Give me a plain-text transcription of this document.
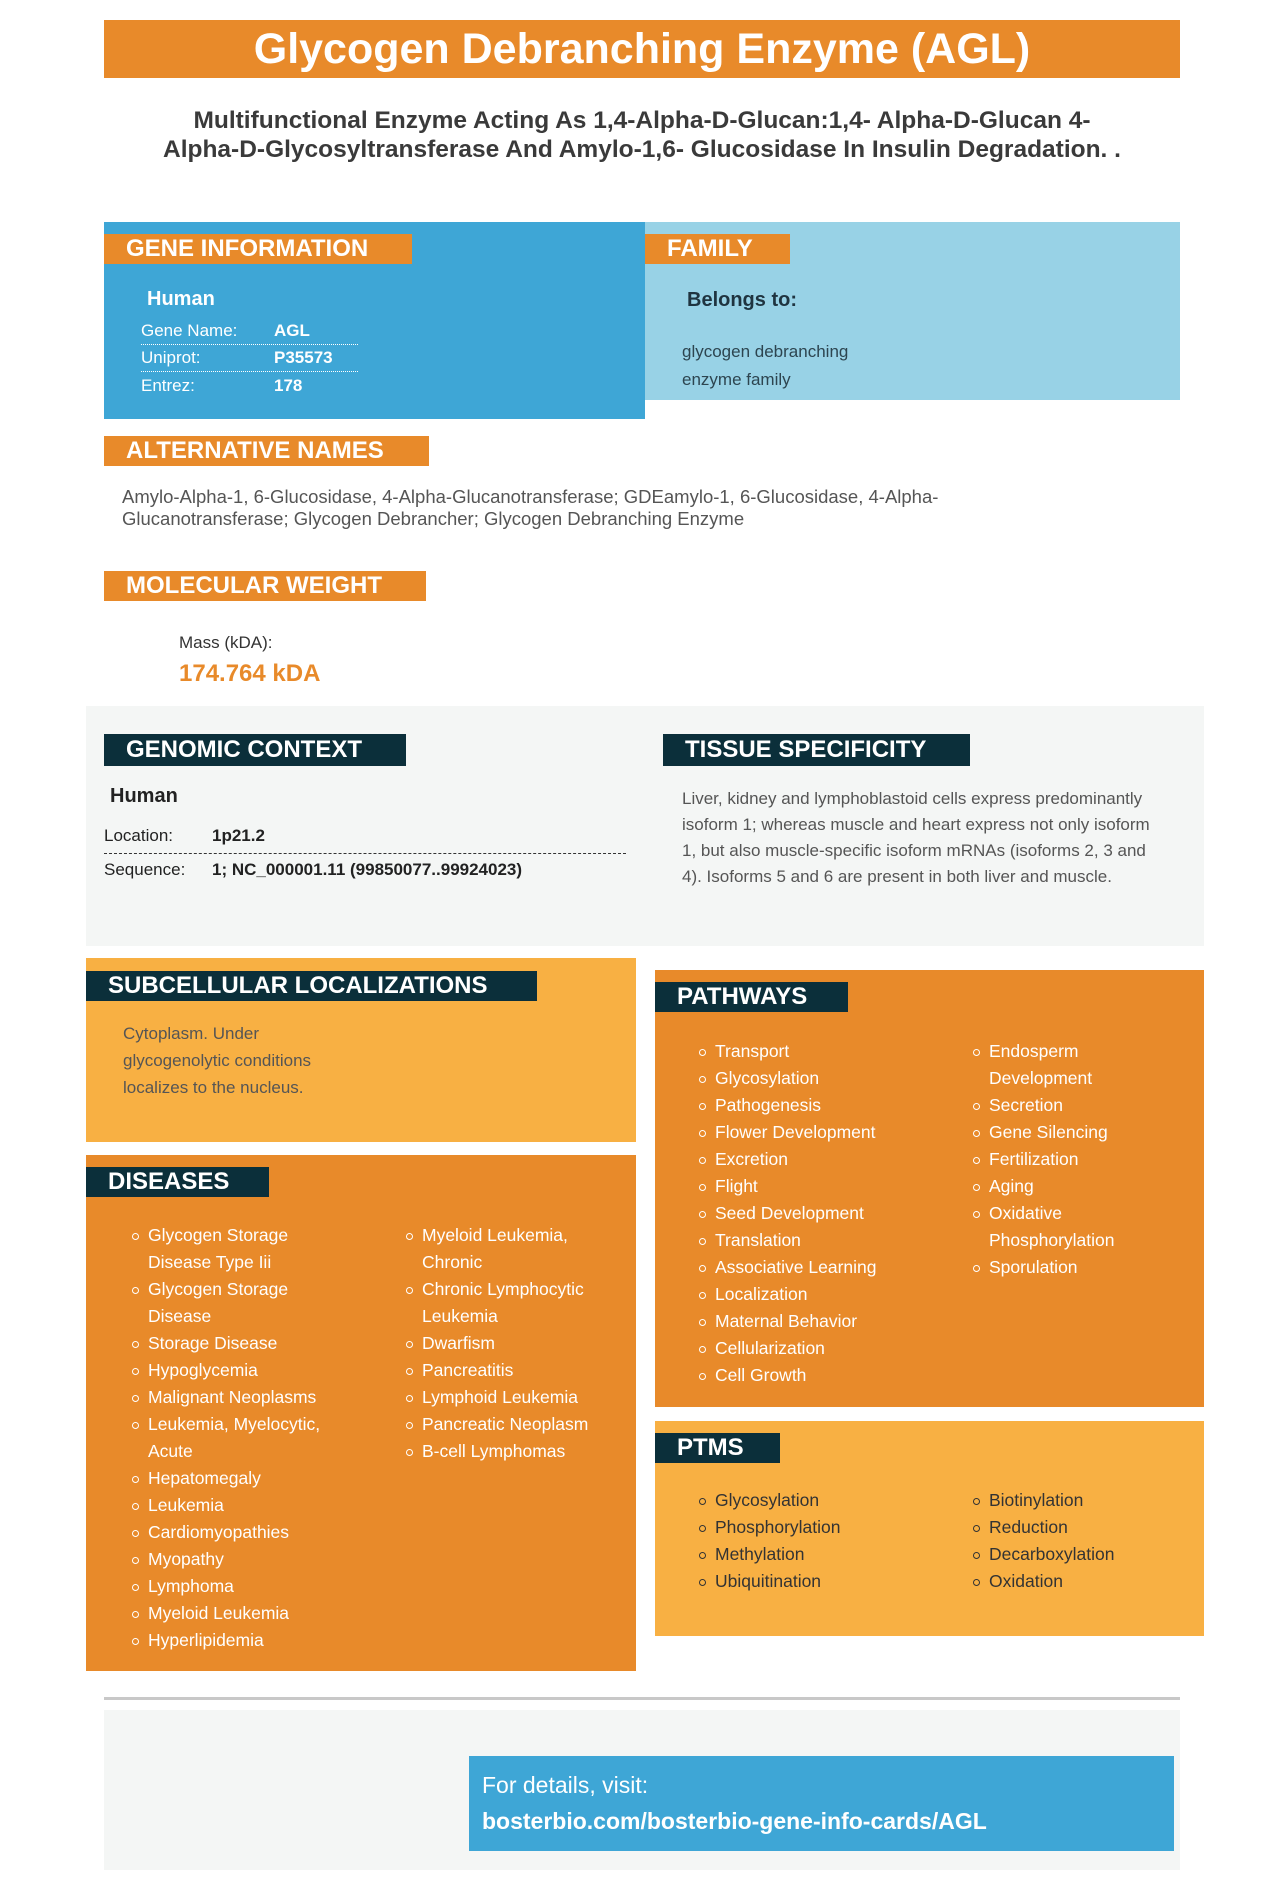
Glycogen Debranching Enzyme (AGL)
Multifunctional Enzyme Acting As 1,4-Alpha-D-Glucan:1,4- Alpha-D-Glucan 4-
Alpha-D-Glycosyltransferase And Amylo-1,6- Glucosidase In Insulin Degradation. .
GENE INFORMATION
Human
Gene Name: AGL
Uniprot:	P35573
Entrez:	178
FAMILY
Belongs to:
glycogen debranching
enzyme family
ALTERNATIVE NAMES
Amylo-Alpha-1, 6-Glucosidase, 4-Alpha-Glucanotransferase; GDEamylo-1, 6-Glucosidase, 4-Alpha-
Glucanotransferase; Glycogen Debrancher; Glycogen Debranching Enzyme
MOLECULAR WEIGHT
Mass (kDA):
174.764 kDA
GENOMIC CONTEXT
Human
Location: 1p21.2
Sequence: 1; NC_000001.11 (99850077..99924023)
TISSUE SPECIFICITY
Liver, kidney and lymphoblastoid cells express predominantly
isoform 1; whereas muscle and heart express not only isoform
1, but also muscle-specific isoform mRNAs (isoforms 2, 3 and
4). Isoforms 5 and 6 are present in both liver and muscle.
SUBCELLULAR LOCALIZATIONS
Cytoplasm. Under
glycogenolytic conditions
localizes to the nucleus.
DISEASES
Glycogen Storage
Disease Type Iii
Glycogen Storage
Disease
Storage Disease
Hypoglycemia
Malignant Neoplasms
Leukemia, Myelocytic,
Acute
Hepatomegaly
Leukemia
Cardiomyopathies
Myopathy
Lymphoma
Myeloid Leukemia
Hyperlipidemia
Myeloid Leukemia,
Chronic
Chronic Lymphocytic
Leukemia
Dwarfism
Pancreatitis
Lymphoid Leukemia
Pancreatic Neoplasm
B-cell Lymphomas
PATHWAYS
Transport
Glycosylation
Pathogenesis
Flower Development
Excretion
Flight
Seed Development
Translation
Associative Learning
Localization
Maternal Behavior
Cellularization
Cell Growth
Endosperm
Development
Secretion
Gene Silencing
Fertilization
Aging
Oxidative
Phosphorylation
Sporulation
PTMS
Glycosylation
Phosphorylation
Methylation
Ubiquitination
Biotinylation
Reduction
Decarboxylation
Oxidation
For details, visit:
bosterbio.com/bosterbio-gene-info-cards/AGL
